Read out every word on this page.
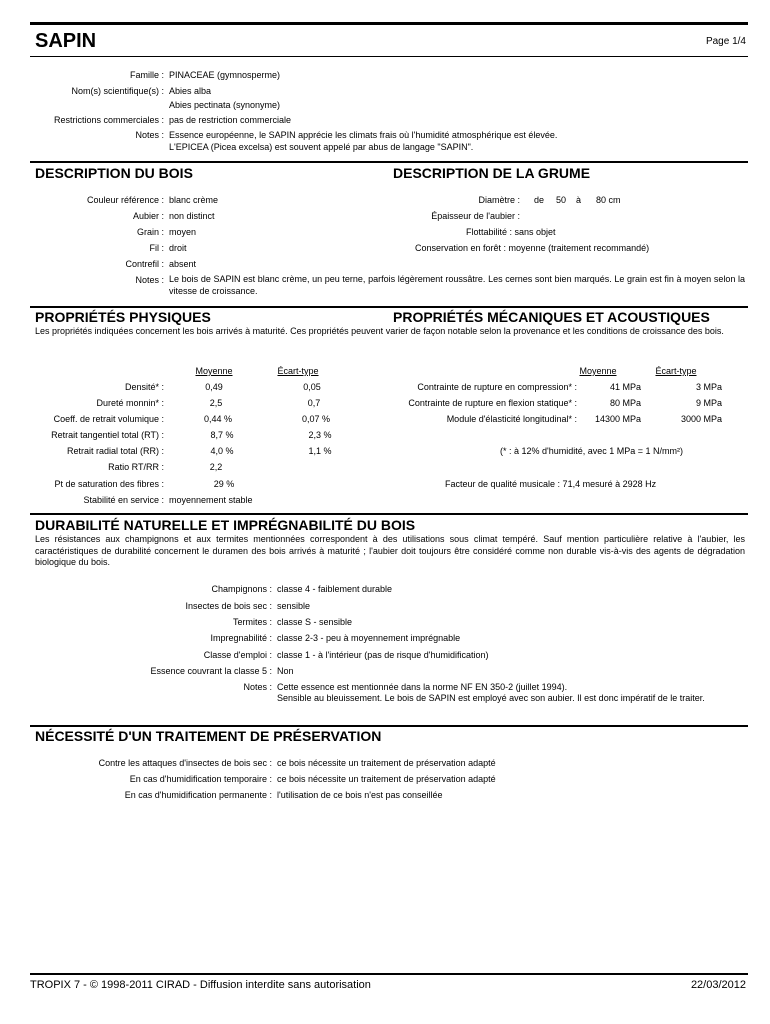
SAPIN	Page 1/4
Famille : PINACEAE (gymnosperme)
Nom(s) scientifique(s) : Abies alba
Abies pectinata (synonyme)
Restrictions commerciales : pas de restriction commerciale
Notes : Essence européenne, le SAPIN apprécie les climats frais où l'humidité atmosphérique est élevée.
L'EPICEA (Picea excelsa) est souvent appelé par abus de langage "SAPIN".
DESCRIPTION DU BOIS	DESCRIPTION DE LA GRUME
Couleur référence : blanc crème
Aubier : non distinct
Grain : moyen
Fil : droit
Contrefil : absent
Notes : Le bois de SAPIN est blanc crème, un peu terne, parfois légèrement roussâtre. Les cernes sont bien marqués. Le grain est fin à moyen selon la vitesse de croissance.
Diamètre : de 50 à 80 cm
Épaisseur de l'aubier :
Flottabilité : sans objet
Conservation en forêt : moyenne (traitement recommandé)
PROPRIÉTÉS PHYSIQUES	PROPRIÉTÉS MÉCANIQUES ET ACOUSTIQUES
Les propriétés indiquées concernent les bois arrivés à maturité. Ces propriétés peuvent varier de façon notable selon la provenance et les conditions de croissance des bois.
Moyenne	Écart-type
Densité* :	0,49	0,05
Dureté monnin* :	2,5	0,7
Coeff. de retrait volumique :	0,44 %	0,07 %
Retrait tangentiel total (RT) :	8,7 %	2,3 %
Retrait radial total (RR) :	4,0 %	1,1 %
Ratio RT/RR :	2,2
Pt de saturation des fibres :	29 %
Stabilité en service : moyennement stable
Moyenne	Écart-type
Contrainte de rupture en compression* :	41 MPa	3 MPa
Contrainte de rupture en flexion statique* :	80 MPa	9 MPa
Module d'élasticité longitudinal* :	14300 MPa	3000 MPa
(* : à 12% d'humidité, avec 1 MPa = 1 N/mm²)
Facteur de qualité musicale : 71,4 mesuré à 2928 Hz
DURABILITÉ NATURELLE ET IMPRÉGNABILITÉ DU BOIS
Les résistances aux champignons et aux termites mentionnées correspondent à des utilisations sous climat tempéré. Sauf mention particulière relative à l'aubier, les caractéristiques de durabilité concernent le duramen des bois arrivés à maturité ; l'aubier doit toujours être considéré comme non durable vis-à-vis des agents de dégradation biologique du bois.
Champignons : classe 4 - faiblement durable
Insectes de bois sec : sensible
Termites : classe S - sensible
Impregnabilité : classe 2-3 - peu à moyennement imprégnable
Classe d'emploi : classe 1 - à l'intérieur (pas de risque d'humidification)
Essence couvrant la classe 5 : Non
Notes : Cette essence est mentionnée dans la norme NF EN 350-2 (juillet 1994).
Sensible au bleuissement. Le bois de SAPIN est employé avec son aubier. Il est donc impératif de le traiter.
NÉCESSITÉ D'UN TRAITEMENT DE PRÉSERVATION
Contre les attaques d'insectes de bois sec : ce bois nécessite un traitement de préservation adapté
En cas d'humidification temporaire : ce bois nécessite un traitement de préservation adapté
En cas d'humidification permanente : l'utilisation de ce bois n'est pas conseillée
TROPIX 7 - © 1998-2011 CIRAD - Diffusion interdite sans autorisation	22/03/2012
